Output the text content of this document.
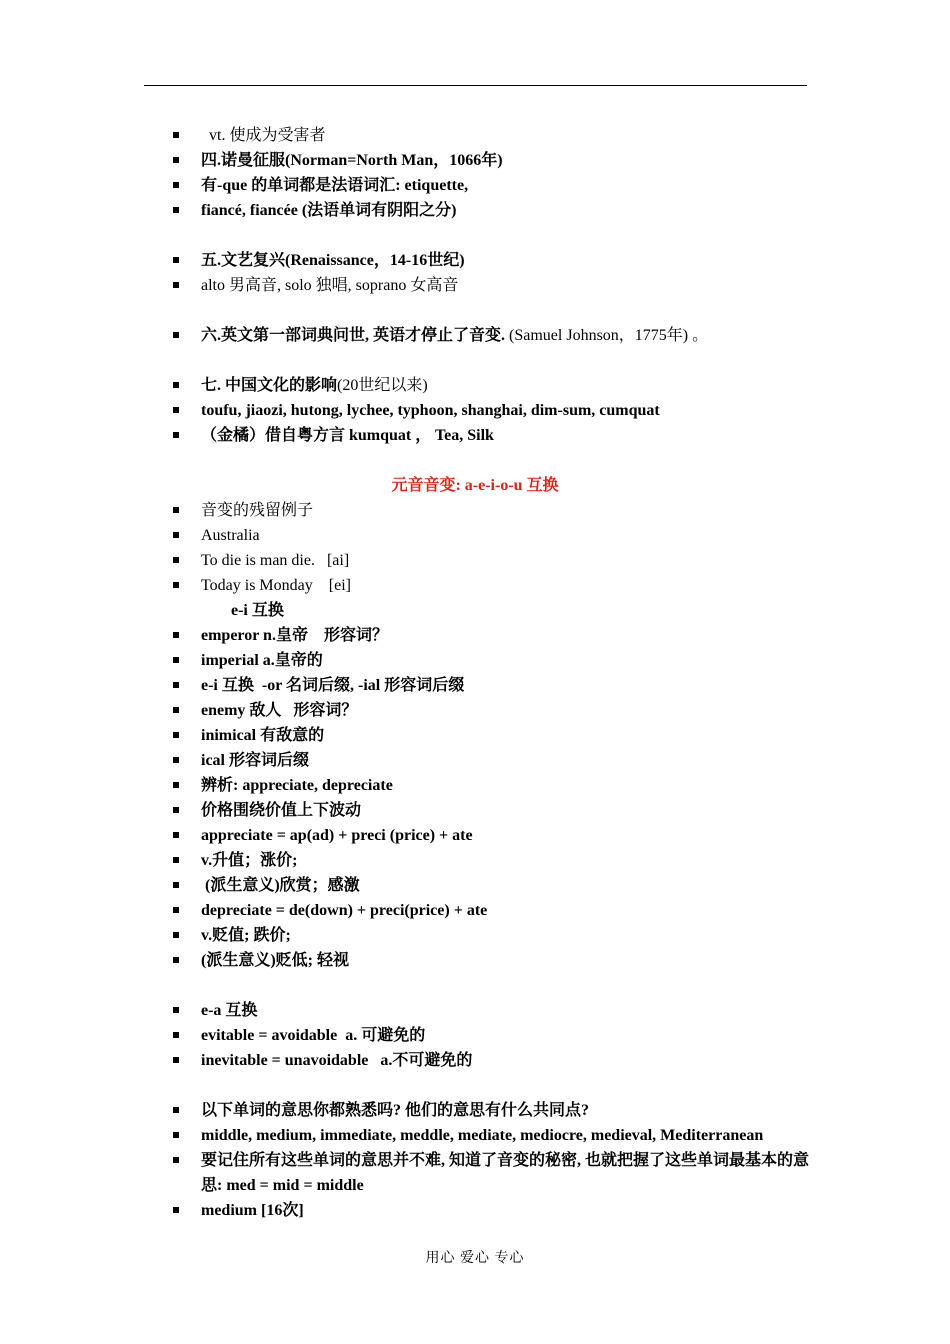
vt. 使成为受害者
四.诺曼征服(Norman=North Man，1066年)
有-que 的单词都是法语词汇: etiquette,
fiancé, fiancée (法语单词有阴阳之分)
五.文艺复兴(Renaissance，14-16世纪)
alto 男高音, solo 独唱, soprano 女高音
六.英文第一部词典问世, 英语才停止了音变. (Samuel Johnson，1775年) 。
七. 中国文化的影响(20世纪以来)
toufu, jiaozi, hutong, lychee, typhoon, shanghai, dim-sum, cumquat
（金橘）借自粤方言 kumquat ， Tea, Silk
元音音变: a-e-i-o-u 互换
音变的残留例子
Australia
To die is man die.   [ai]
Today is Monday    [ei]
e-i 互换
emperor n.皇帝    形容词？
imperial a.皇帝的
e-i 互换  -or 名词后缀, -ial 形容词后缀
enemy 敌人   形容词？
inimical 有敌意的
ical 形容词后缀
辨析: appreciate, depreciate
价格围绕价值上下波动
appreciate = ap(ad) + preci (price) + ate
v.升值；涨价;
(派生意义)欣赏；感激
depreciate = de(down) + preci(price) + ate
v.贬值; 跌价;
(派生意义)贬低; 轻视
e-a 互换
evitable = avoidable  a. 可避免的
inevitable = unavoidable   a.不可避免的
以下单词的意思你都熟悉吗? 他们的意思有什么共同点?
middle, medium, immediate, meddle, mediate, mediocre, medieval, Mediterranean
要记住所有这些单词的意思并不难, 知道了音变的秘密, 也就把握了这些单词最基本的意思: med = mid = middle
medium [16次]
用心 爱心 专心
